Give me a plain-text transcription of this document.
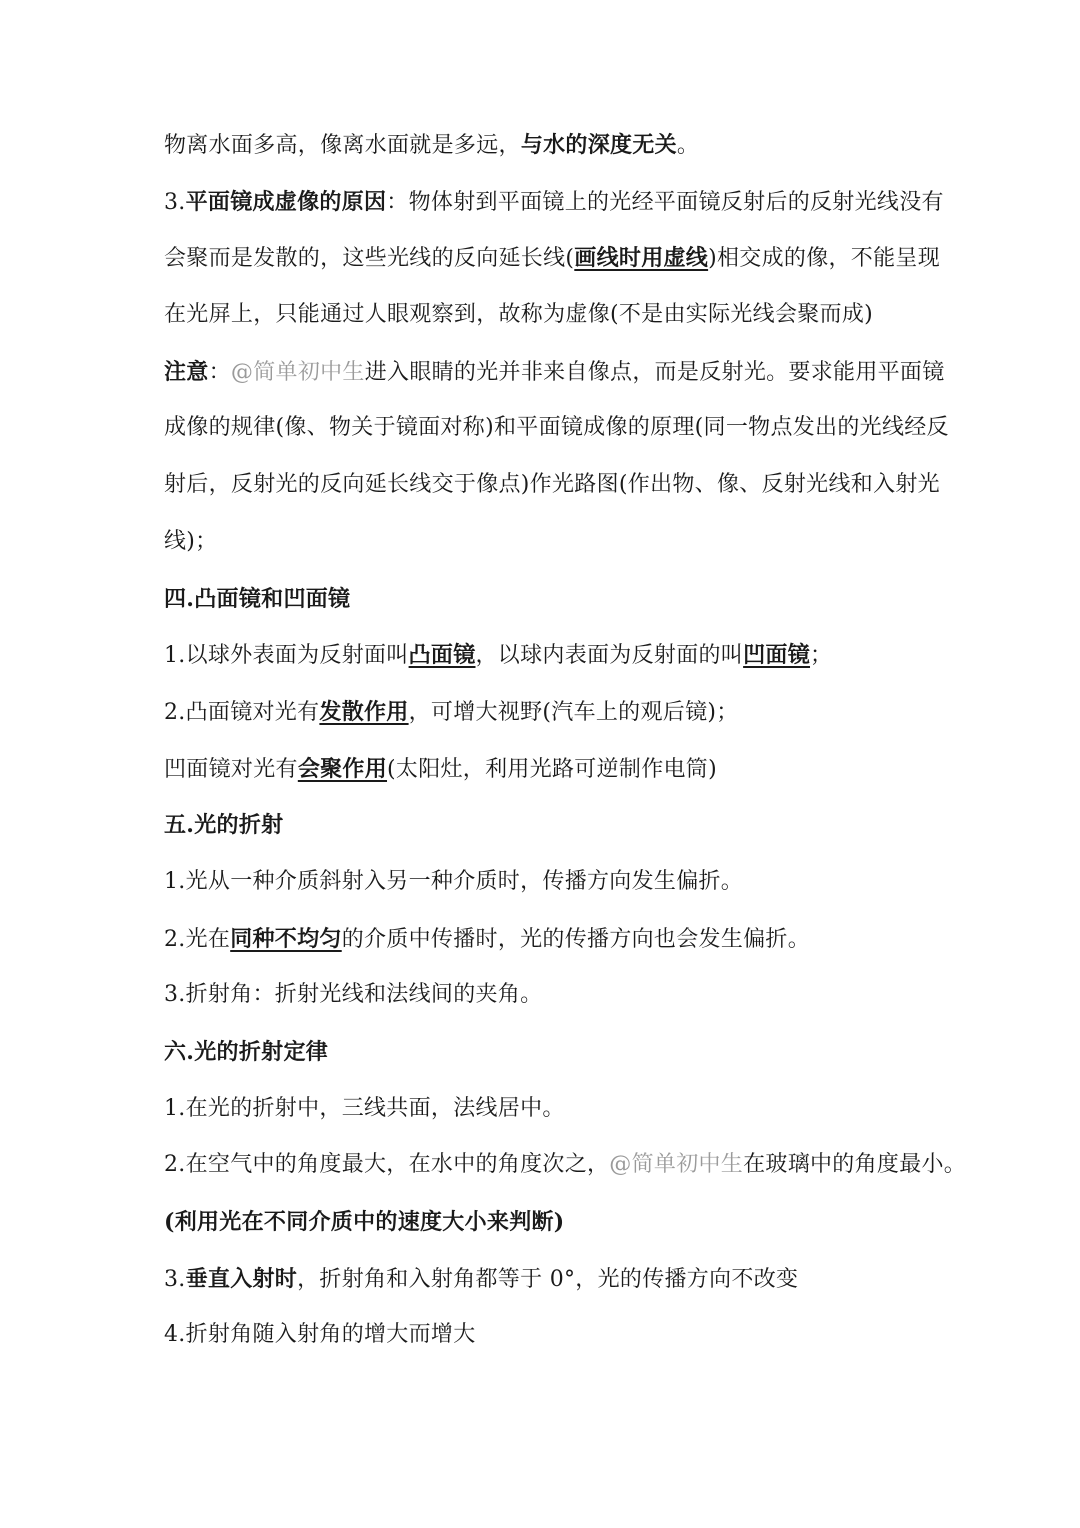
物离水面多高，像离水面就是多远，与水的深度无关。
3.平面镜成虚像的原因：物体射到平面镜上的光经平面镜反射后的反射光线没有
会聚而是发散的，这些光线的反向延长线(画线时用虚线)相交成的像，不能呈现
在光屏上，只能通过人眼观察到，故称为虚像(不是由实际光线会聚而成)
注意：@简单初中生进入眼睛的光并非来自像点，而是反射光。要求能用平面镜
成像的规律(像、物关于镜面对称)和平面镜成像的原理(同一物点发出的光线经反
射后，反射光的反向延长线交于像点)作光路图(作出物、像、反射光线和入射光
线)；
四.凸面镜和凹面镜
1.以球外表面为反射面叫凸面镜，以球内表面为反射面的叫凹面镜；
2.凸面镜对光有发散作用，可增大视野(汽车上的观后镜)；
凹面镜对光有会聚作用(太阳灶，利用光路可逆制作电筒)
五.光的折射
1.光从一种介质斜射入另一种介质时，传播方向发生偏折。
2.光在同种不均匀的介质中传播时，光的传播方向也会发生偏折。
3.折射角：折射光线和法线间的夹角。
六.光的折射定律
1.在光的折射中，三线共面，法线居中。
2.在空气中的角度最大，在水中的角度次之，@简单初中生在玻璃中的角度最小。
(利用光在不同介质中的速度大小来判断)
3.垂直入射时，折射角和入射角都等于 0°，光的传播方向不改变
4.折射角随入射角的增大而增大
